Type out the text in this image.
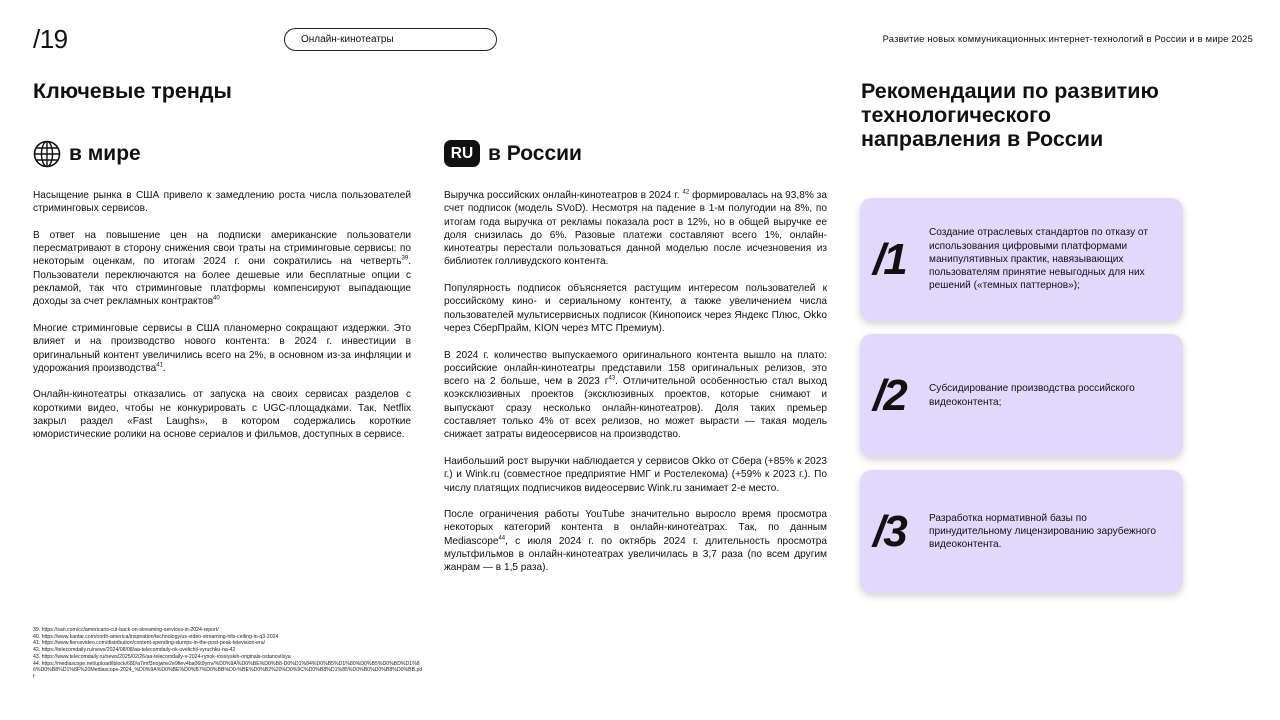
/19	Онлайн-кинотеатры	Развитие новых коммуникационных интернет-технологий в России и в мире 2025
Ключевые тренды
в мире

Насыщение рынка в США привело к замедлению роста числа пользователей стриминговых сервисов.

В ответ на повышение цен на подписки американские пользователи пересматривают в сторону снижения свои траты на стриминговые сервисы: по некоторым оценкам, по итогам 2024 г. они сократились на четверть$^{39}$. Пользователи переключаются на более дешевые или бесплатные опции с рекламой, так что стриминговые платформы компенсируют выпадающие доходы за счет рекламных контрактов$^{40}$

Многие стриминговые сервисы в США планомерно сокращают издержки. Это влияет и на производство нового контента: в 2024 г. инвестиции в оригинальный контент увеличились всего на 2%, в основном из-за инфляции и удорожания производства$^{41}$.

Онлайн-кинотеатры отказались от запуска на своих сервисах разделов с короткими видео, чтобы не конкурировать с UGC-площадками. Так, Netflix закрыл раздел «Fast Laughs», в котором содержались короткие юмористические ролики на основе сериалов и фильмов, доступных в сервисе.

RU в России

Выручка российских онлайн-кинотеатров в 2024 г. $^{42}$ формировалась на 93,8% за счет подписок (модель SVoD). Несмотря на падение в 1-м полугодии на 8%, по итогам года выручка от рекламы показала рост в 12%, но в общей выручке ее доля снизилась до 6%. Разовые платежи составляют всего 1%, онлайн-кинотеатры перестали пользоваться данной моделью после исчезновения из библиотек голливудского контента.

Популярность подписок объясняется растущим интересом пользователей к российскому кино- и сериальному контенту, а также увеличением числа пользователей мультисервисных подписок (Кинопоиск через Яндекс Плюс, Okko через СберПрайм, KION через МТС Премиум).

В 2024 г. количество выпускаемого оригинального контента вышло на плато: российские онлайн-кинотеатры представили 158 оригинальных релизов, это всего на 2 больше, чем в 2023 $г^{43}$. Отличительной особенностью стал выход коэксклюзивных проектов (эксклюзивных проектов, которые снимают и выпускают сразу несколько онлайн-кинотеатров). Доля таких премьер составляет только 4% от всех релизов, но может вырасти — такая модель снижает затраты видеосервисов на производство.

Наибольший рост выручки наблюдается у сервисов Okko от Сбера (+85% к 2023 г.) и Wink.ru (совместное предприятие НМГ и Ростелекома) (+59% к 2023 г.). По числу платящих подписчиков видеосервис Wink.ru занимает 2-е место.

После ограничения работы YouTube значительно выросло время просмотра некоторых категорий контента в онлайн-кинотеатрах. Так, по данным Mediascope$^{44}$, с июля 2024 г. по октябрь 2024 г. длительность просмотра мультфильмов в онлайн-кинотеатрах увеличилась в 3,7 раза (по всем другим жанрам — в 1,5 раза).

Рекомендации по развитию технологического направления в России
/1
Создание отраслевых стандартов по отказу от использования цифровыми платформами манипулятивных практик, навязывающих пользователям принятие невыгодных для них решений («темных паттернов»);
/2	Субсидирование производства российского видеоконтента;
/3	Разработка нормативной базы по принудительному лицензированию зарубежного видеоконтента.
39. https://san.com/cc/americans-cut-back-on-streaming-services-in-2024-report/
40. https://www.kantar.com/north-america/inspiration/technology/us-video-streaming-hits-ceiling-in-q3-2024
41. https://www.fiercevideo.com/distribution/content-spending-slumps-in-the-post-peak-television-era/
42. https://telecomdaily.ru/news/2024/08/08/aa-telecomdaily-ok-uvelichil-vyruchku-na-42
43. https://www.telecomdaily.ru/news/2025/02/26/aa-telecomdaily-v-2024-rynok-rossiyskih-originals-ostanovilsya
44. https://mediascope.net/upload/iblock/680/a7imf3nojwne2e9fiev4ba06t9yrrv/%D0%9A%D0%BE%D0%B8-D0%D1%84%D0%B5%D1%80%D0%B5%D0%BD%D1%86%D0%B8%D1%8F%20Mediascope-2024_%D0%9A%D0%BE%D0%B7%D0%BB%D0-%BE%D0%B2%20%D0%9C%D0%B8%D1%85%D0%B0%D0%B8%D0%BB.pdf
